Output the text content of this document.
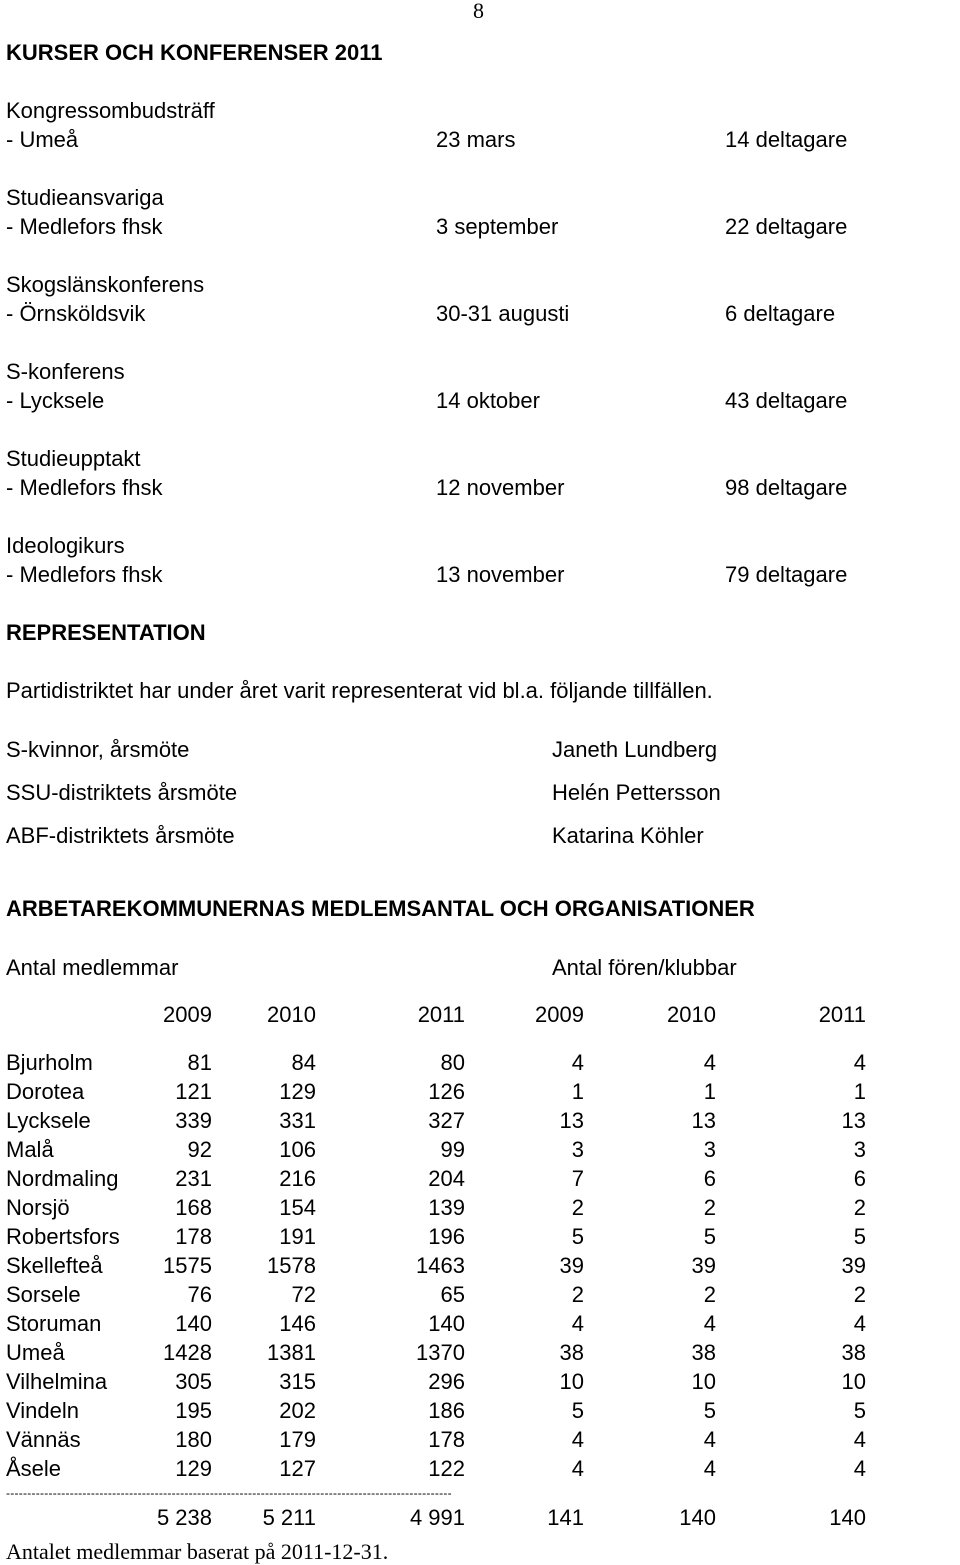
8
KURSER OCH KONFERENSER 2011
Kongressombudsträff
- Umeå	23 mars	14 deltagare
Studieansvariga
- Medlefors fhsk	3 september	22 deltagare
Skogslänskonferens
- Örnsköldsvik	30-31 augusti	6 deltagare
S-konferens
- Lycksele	14 oktober	43 deltagare
Studieupptakt
- Medlefors fhsk	12 november	98 deltagare
Ideologikurs
- Medlefors fhsk	13 november	79 deltagare
REPRESENTATION
Partidistriktet har under året varit representerat vid bl.a. följande tillfällen.
S-kvinnor, årsmöte	Janeth Lundberg
SSU-distriktets årsmöte	Helén Pettersson
ABF-distriktets årsmöte	Katarina Köhler
ARBETAREKOMMUNERNAS MEDLEMSANTAL OCH ORGANISATIONER
Antal medlemmar	Antal fören/klubbar
2009	2010	2011	2009	2010	2011
Bjurholm	81	84	80	4	4	4
Dorotea	121	129	126	1	1	1
Lycksele	339	331	327	13	13	13
Malå	92	106	99	3	3	3
Nordmaling	231	216	204	7	6	6
Norsjö	168	154	139	2	2	2
Robertsfors	178	191	196	5	5	5
Skellefteå	1575	1578	1463	39	39	39
Sorsele	76	72	65	2	2	2
Storuman	140	146	140	4	4	4
Umeå	1428	1381	1370	38	38	38
Vilhelmina	305	315	296	10	10	10
Vindeln	195	202	186	5	5	5
Vännäs	180	179	178	4	4	4
Åsele	129	127	122	4	4	4
---------------------------------------------------------------------------------------------------------
5 238	5 211	4 991	141	140	140
Antalet medlemmar baserat på 2011-12-31.
